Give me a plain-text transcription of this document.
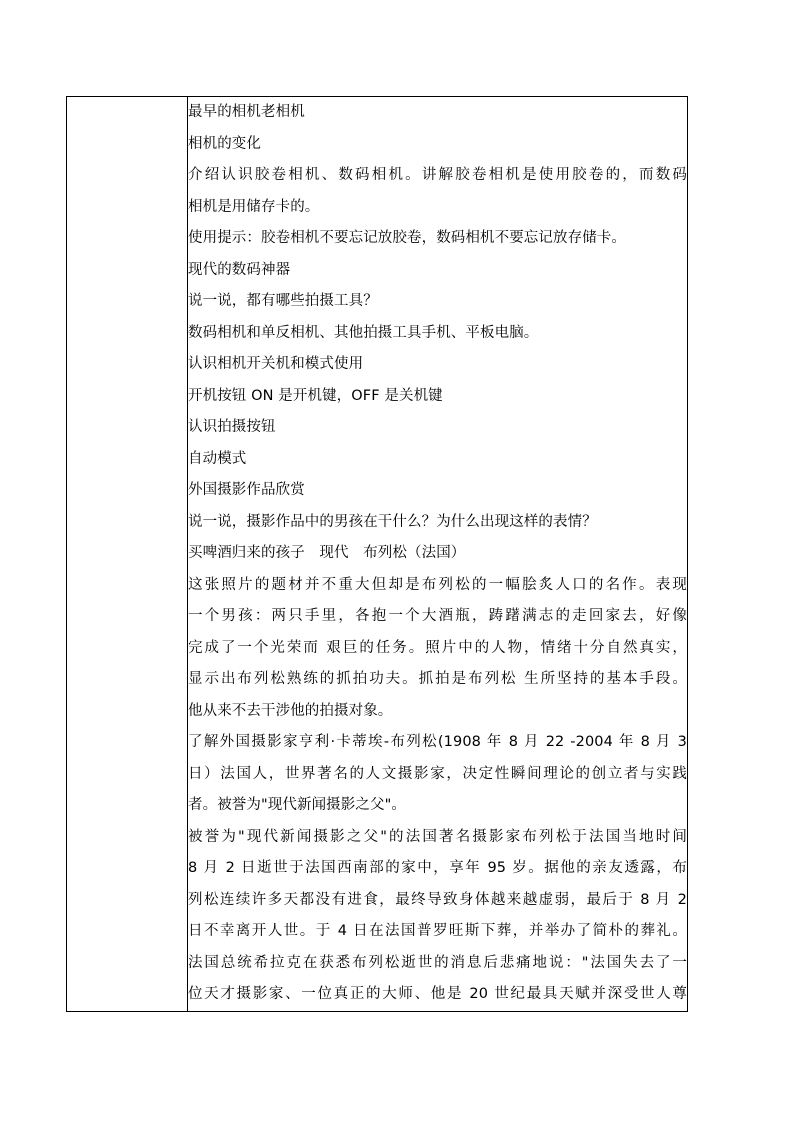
最早的相机老相机
相机的变化
介绍认识胶卷相机、数码相机。讲解胶卷相机是使用胶卷的，而数码
相机是用储存卡的。
使用提示：胶卷相机不要忘记放胶卷，数码相机不要忘记放存储卡。
现代的数码神器
说一说，都有哪些拍摄工具？
数码相机和单反相机、其他拍摄工具手机、平板电脑。
认识相机开关机和模式使用
开机按钮 ON 是开机键，OFF 是关机键
认识拍摄按钮
自动模式
外国摄影作品欣赏
说一说，摄影作品中的男孩在干什么？为什么出现这样的表情？
买啤酒归来的孩子　现代　布列松（法国）
这张照片的题材并不重大但却是布列松的一幅脍炙人口的名作。表现
一个男孩：两只手里，各抱一个大酒瓶，踌躇满志的走回家去，好像
完成了一个光荣而 艰巨的任务。照片中的人物，情绪十分自然真实，
显示出布列松熟练的抓拍功夫。抓拍是布列松 生所坚持的基本手段。
他从来不去干涉他的拍摄对象。
了解外国摄影家亨利·卡蒂埃-布列松(1908 年 8 月 22 -2004 年 8 月 3
日）法国人，世界著名的人文摄影家，决定性瞬间理论的创立者与实践
者。被誉为"现代新闻摄影之父"。
被誉为"现代新闻摄影之父"的法国著名摄影家布列松于法国当地时间
8 月 2 日逝世于法国西南部的家中，享年 95 岁。据他的亲友透露，布
列松连续许多天都没有进食，最终导致身体越来越虚弱，最后于 8 月 2
日不幸离开人世。于 4 日在法国普罗旺斯下葬，并举办了简朴的葬礼。
法国总统希拉克在获悉布列松逝世的消息后悲痛地说："法国失去了一
位天才摄影家、一位真正的大师、他是 20 世纪最具天赋并深受世人尊
